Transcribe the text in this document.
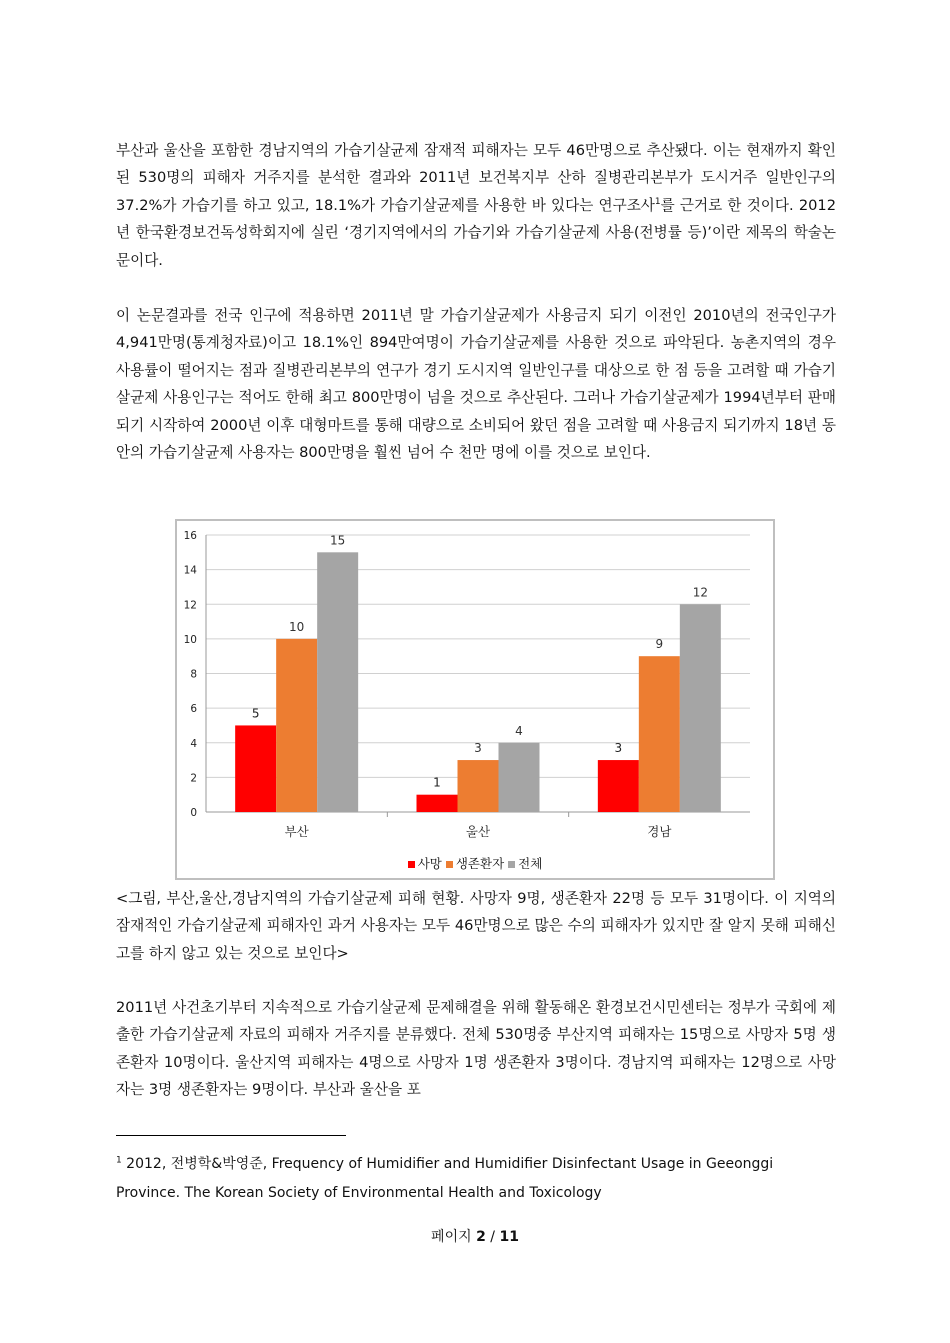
부산과 울산을 포함한 경남지역의 가습기살균제 잠재적 피해자는 모두 46만명으로 추산됐다. 이는 현재까지 확인된 530명의 피해자 거주지를 분석한 결과와 2011년 보건복지부 산하 질병관리본부가 도시거주 일반인구의 37.2%가 가습기를 하고 있고, 18.1%가 가습기살균제를 사용한 바 있다는 연구조사$^1$를 근거로 한 것이다. 2012년 한국환경보건독성학회지에 실린 ‘경기지역에서의 가습기와 가습기살균제 사용(전병률 등)’이란 제목의 학술논문이다.

이 논문결과를 전국 인구에 적용하면 2011년 말 가습기살균제가 사용금지 되기 이전인 2010년의 전국인구가 4,941만명(통계청자료)이고 18.1%인 894만여명이 가습기살균제를 사용한 것으로 파악된다. 농촌지역의 경우 사용률이 떨어지는 점과 질병관리본부의 연구가 경기 도시지역 일반인구를 대상으로 한 점 등을 고려할 때 가습기살균제 사용인구는 적어도 한해 최고 800만명이 넘을 것으로 추산된다. 그러나 가습기살균제가 1994년부터 판매되기 시작하여 2000년 이후 대형마트를 통해 대량으로 소비되어 왔던 점을 고려할 때 사용금지 되기까지 18년 동안의 가습기살균제 사용자는 800만명을 훨씬 넘어 수 천만 명에 이를 것으로 보인다.

0
2
4
6
8
10
12
14
16
5
10
15
부산
1
3
4
울산
3
9
12
경남
사망 생존환자 전체

<그림, 부산,울산,경남지역의 가습기살균제 피해 현황. 사망자 9명, 생존환자 22명 등 모두 31명이다. 이 지역의 잠재적인 가습기살균제 피해자인 과거 사용자는 모두 46만명으로 많은 수의 피해자가 있지만 잘 알지 못해 피해신고를 하지 않고 있는 것으로 보인다>

2011년 사건초기부터 지속적으로 가습기살균제 문제해결을 위해 활동해온 환경보건시민센터는 정부가 국회에 제출한 가습기살균제 자료의 피해자 거주지를 분류했다. 전체 530명중 부산지역 피해자는 15명으로 사망자 5명 생존환자 10명이다. 울산지역 피해자는 4명으로 사망자 1명 생존환자 3명이다. 경남지역 피해자는 12명으로 사망자는 3명 생존환자는 9명이다. 부산과 울산을 포

$^1$ 2012, 전병학&박영준, Frequency of Humidifier and Humidifier Disinfectant Usage in Geeonggi Province. The Korean Society of Environmental Health and Toxicology

페이지 2 / 11
